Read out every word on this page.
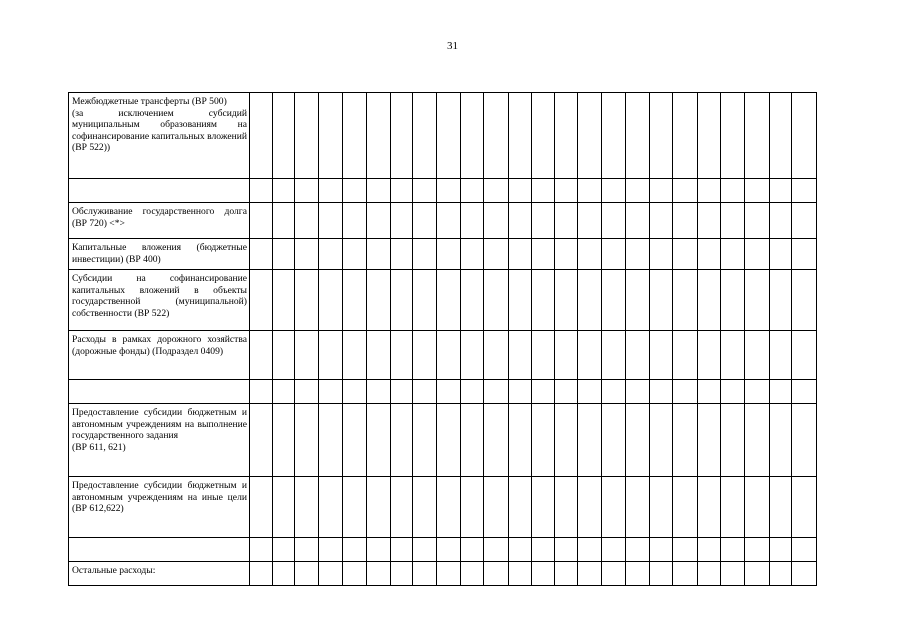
31
Межбюджетные трансферты (ВР 500)
(за исключением субсидий муниципальным образованиям на софинансирование капитальных вложений (ВР 522))																								

Обслуживание государственного долга (ВР 720) <*>																								
Капитальные вложения (бюджетные инвестиции) (ВР 400)																								
Субсидии на софинансирование капитальных вложений в объекты государственной (муниципальной) собственности (ВР 522)																								
Расходы в рамках дорожного хозяйства (дорожные фонды) (Подраздел 0409)																								

Предоставление субсидии бюджетным и автономным учреждениям на выполнение государственного задания
(ВР 611, 621)																								
Предоставление субсидии бюджетным и автономным учреждениям на иные цели (ВР 612,622)																								

Остальные расходы:																								
